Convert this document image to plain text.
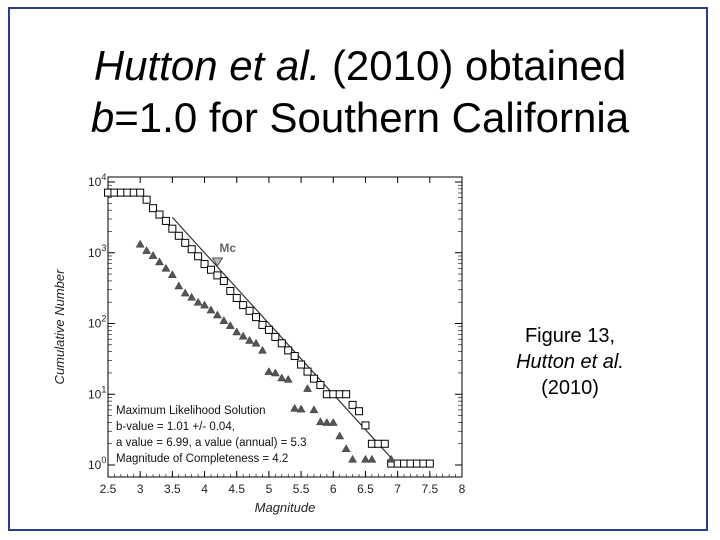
Hutton et al. (2010) obtained
b=1.0 for Southern California
2.5 3 3.5 4 4.5 5 5.5 6 6.5 7 7.5 8
$10^0$
$10^1$
$10^2$
$10^3$
$10^4$
Mc
Magnitude
Cumulative Number
Maximum Likelihood Solution
b-value = 1.01 +/- 0.04,
a value = 6.99, a value (annual) = 5.3
Magnitude of Completeness = 4.2
Figure 13,
Hutton et al.
(2010)
